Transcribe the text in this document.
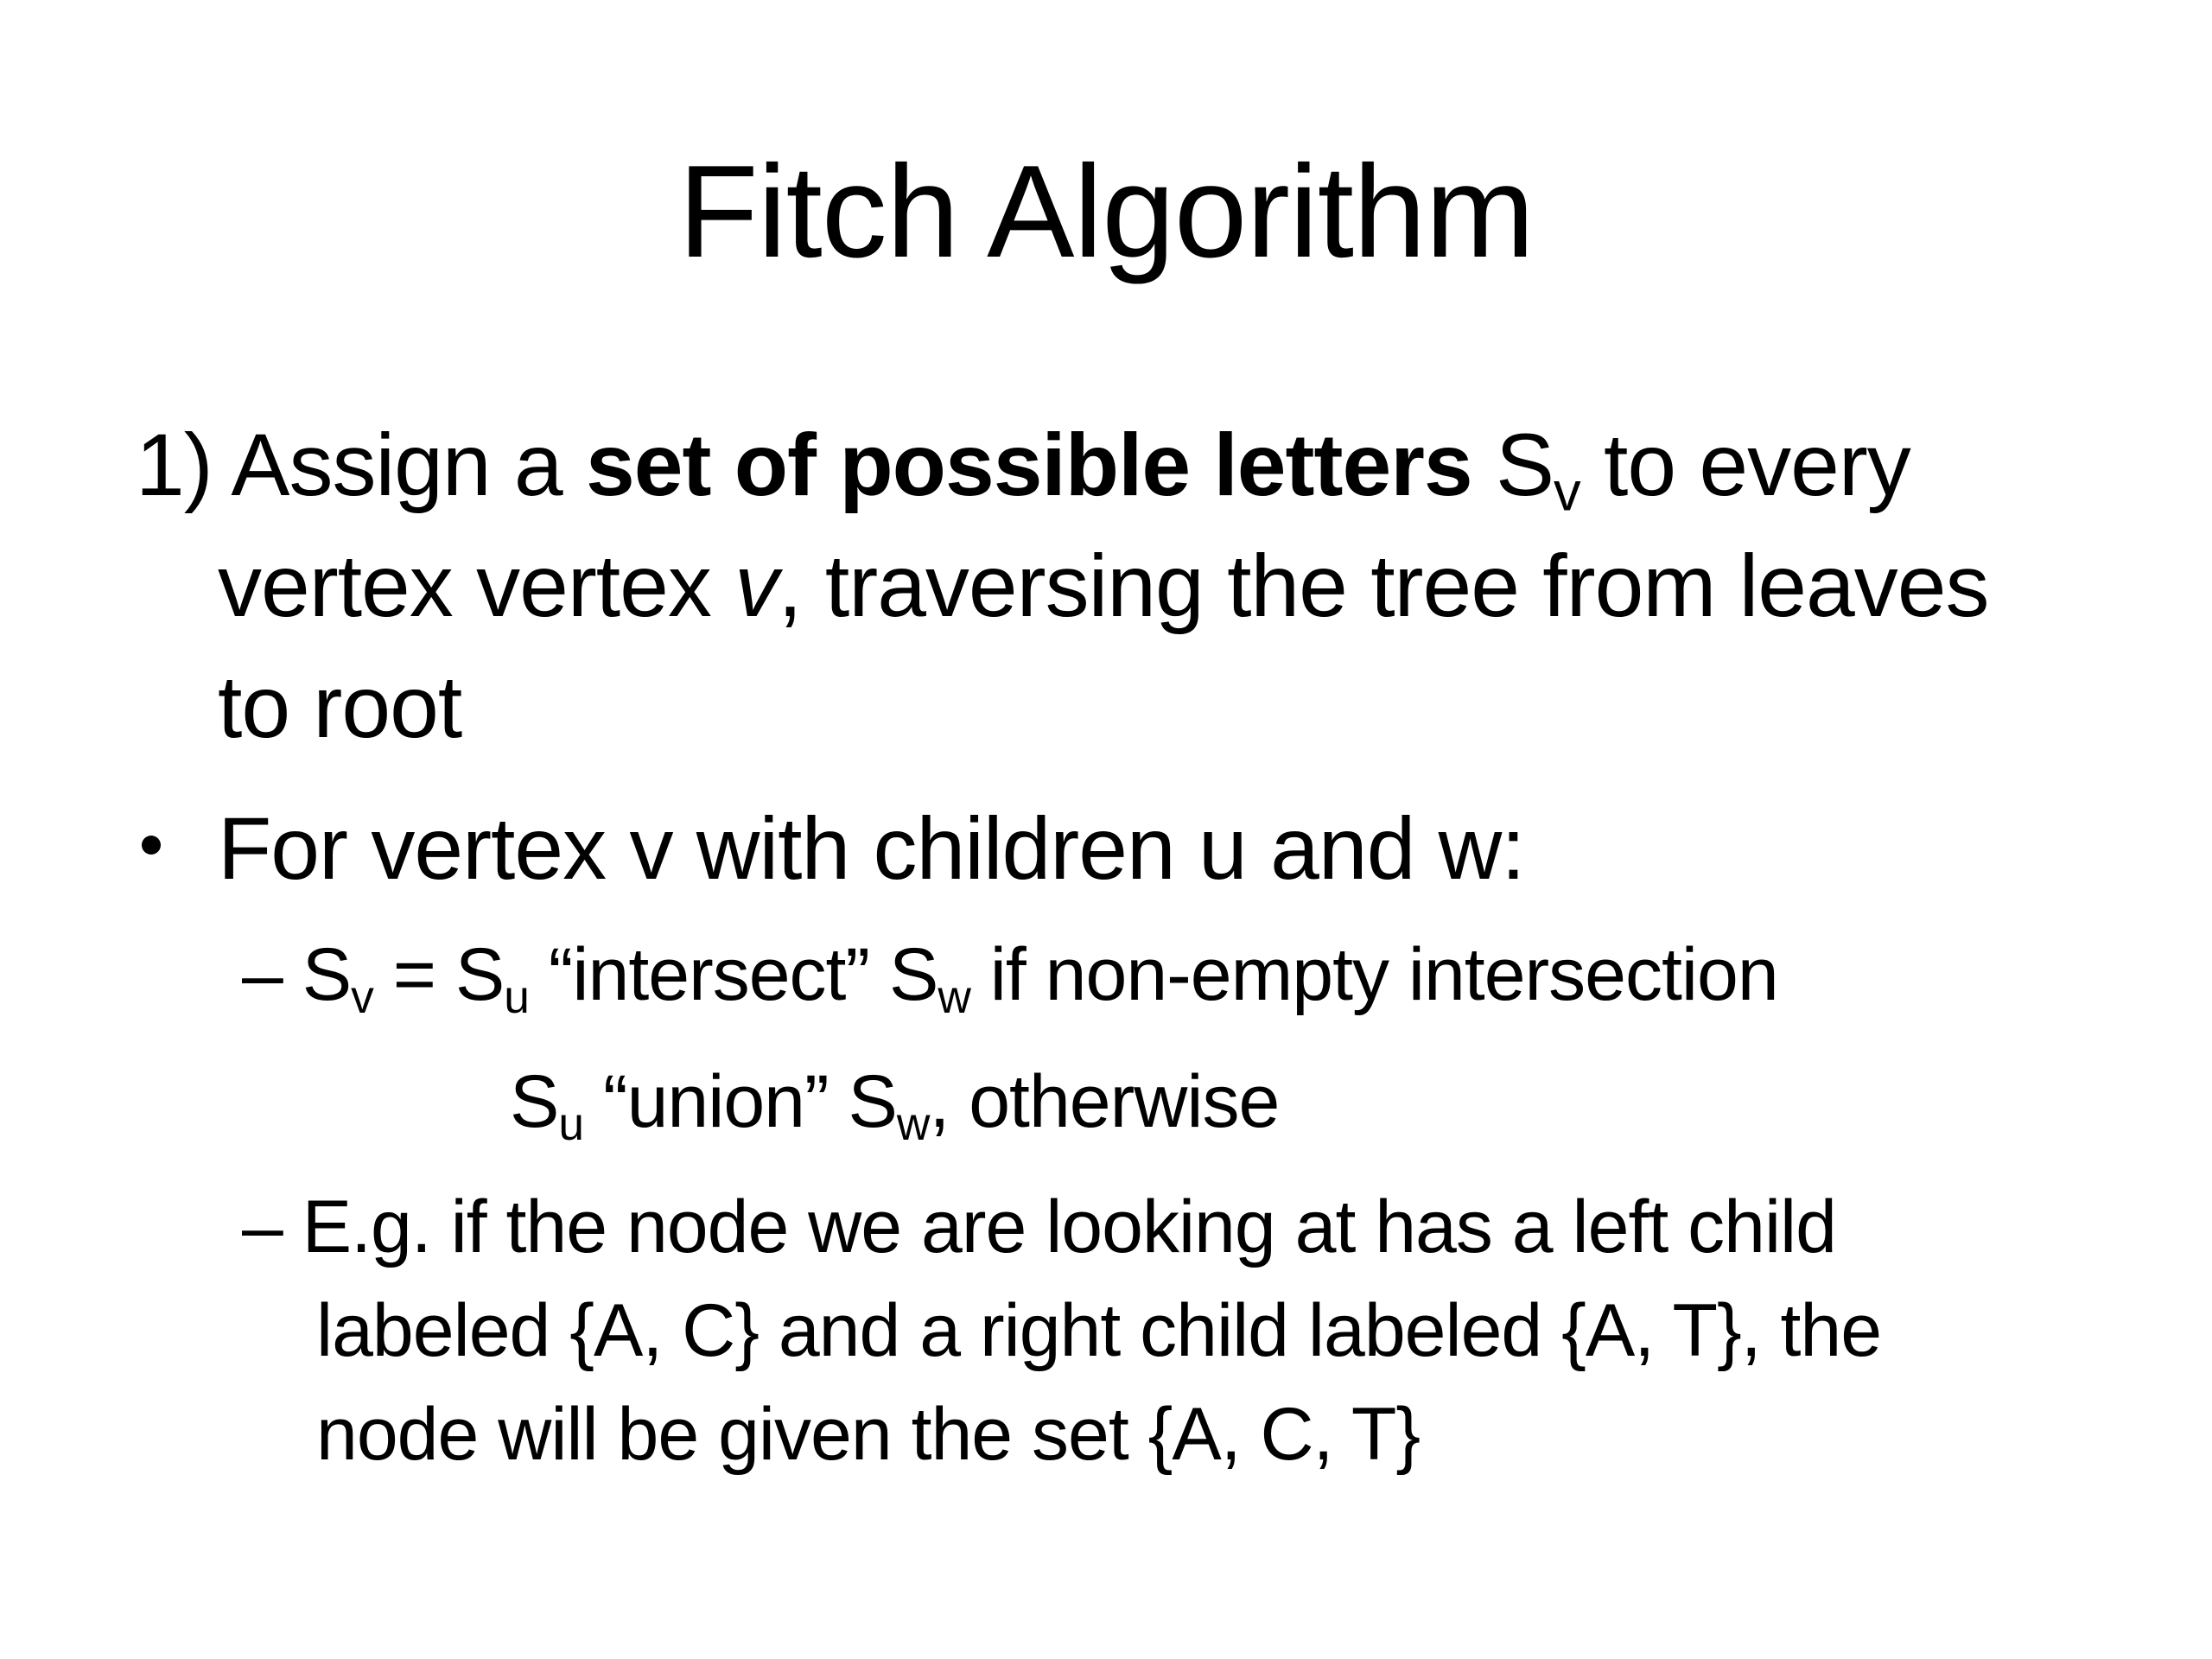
Fitch Algorithm
1) Assign a set of possible letters $S_v$ to every
vertex vertex v, traversing the tree from leaves
to root
For vertex v with children u and w:
– $S_v = S_u$ “intersect” $S_w$ if non-empty intersection
$S_u$ “union” $S_w$, otherwise
– E.g. if the node we are looking at has a left child
labeled {A, C} and a right child labeled {A, T}, the
node will be given the set {A, C, T}
